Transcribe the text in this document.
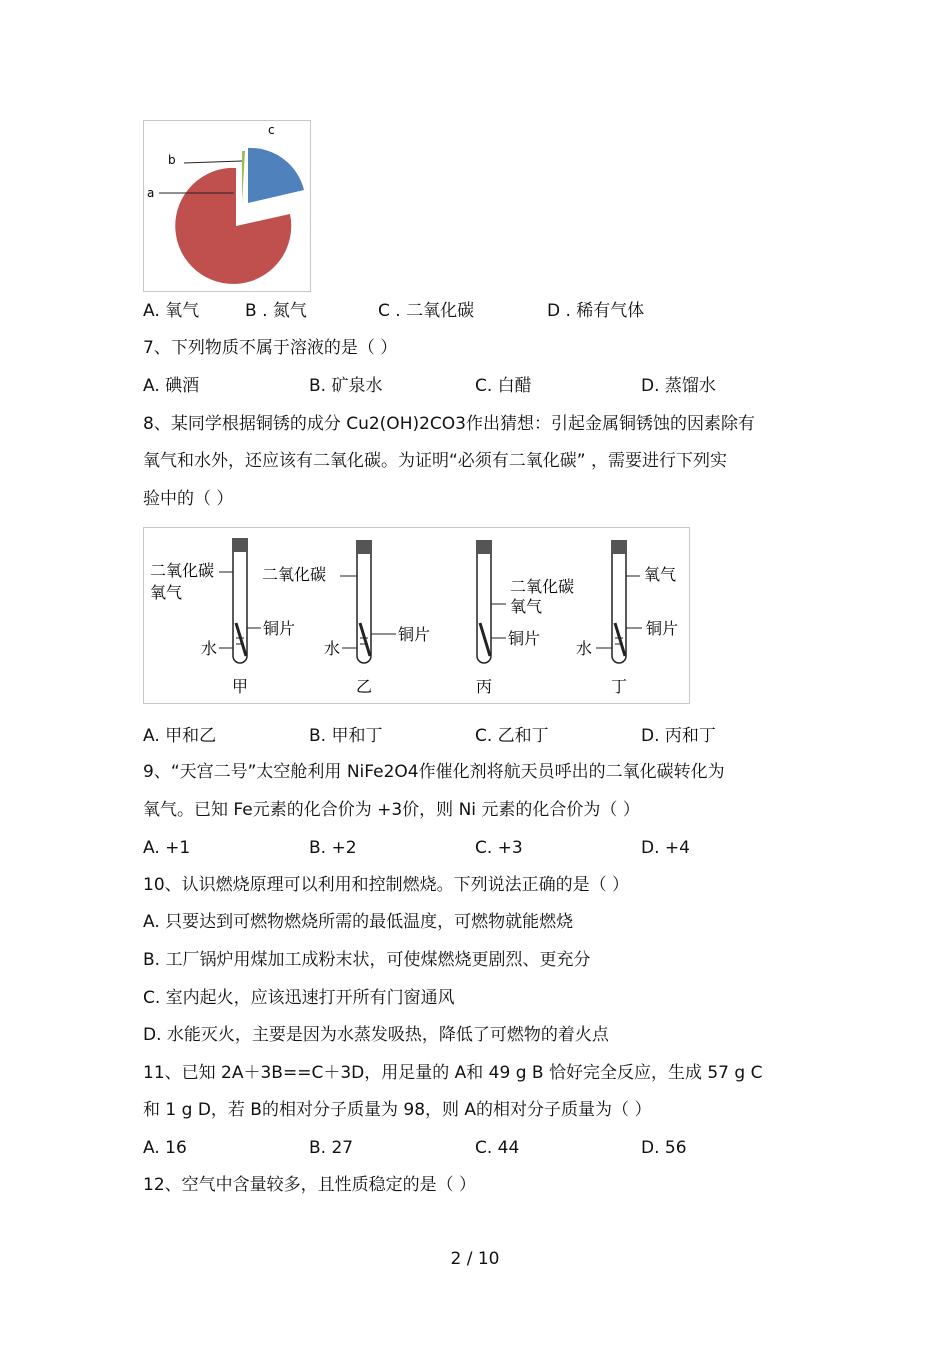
a
b
c
A. 氧气	B . 氮气	C . 二氧化碳	D . 稀有气体
7、下列物质不属于溶液的是（ ）
A. 碘酒	B. 矿泉水	C. 白醋	D. 蒸馏水
8、某同学根据铜锈的成分 Cu2(OH)2CO3作出猜想：引起金属铜锈蚀的因素除有
氧气和水外，还应该有二氧化碳。为证明“必须有二氧化碳” ，需要进行下列实
验中的（ ）
二氧化碳
氧气
铜片
水
甲
二氧化碳
铜片
水
乙
二氧化碳
氧气
铜片
丙
氧气
铜片
水
丁
A. 甲和乙	B. 甲和丁	C. 乙和丁	D. 丙和丁
9、“天宫二号”太空舱利用 NiFe2O4作催化剂将航天员呼出的二氧化碳转化为
氧气。已知 Fe元素的化合价为 +3价，则 Ni 元素的化合价为（ ）
A. +1	B. +2	C. +3	D. +4
10、认识燃烧原理可以利用和控制燃烧。下列说法正确的是（ ）
A. 只要达到可燃物燃烧所需的最低温度，可燃物就能燃烧
B. 工厂锅炉用煤加工成粉末状，可使煤燃烧更剧烈、更充分
C. 室内起火，应该迅速打开所有门窗通风
D. 水能灭火，主要是因为水蒸发吸热，降低了可燃物的着火点
11、已知 2A＋3B==C＋3D，用足量的 A和 49 g B 恰好完全反应，生成 57 g C
和 1 g D，若 B的相对分子质量为 98，则 A的相对分子质量为（ ）
A. 16	B. 27	C. 44	D. 56
12、空气中含量较多，且性质稳定的是（ ）
2 / 10
